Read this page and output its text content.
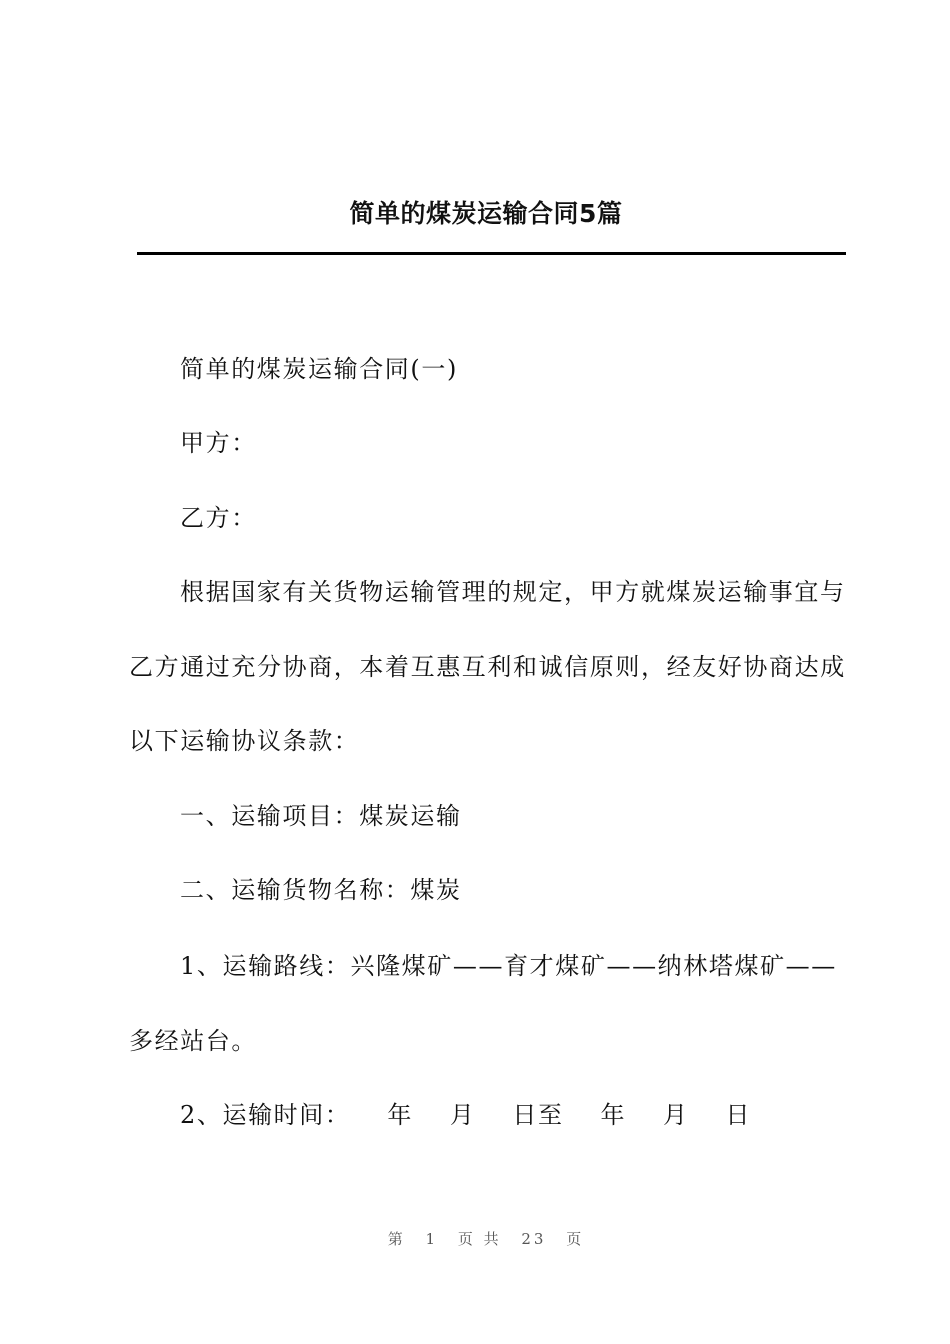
简单的煤炭运输合同5篇
简单的煤炭运输合同(一)
甲方：
乙方：
根据国家有关货物运输管理的规定，甲方就煤炭运输事宜与
乙方通过充分协商，本着互惠互利和诚信原则，经友好协商达成
以下运输协议条款：
一、运输项目：煤炭运输
二、运输货物名称：煤炭
1、运输路线：兴隆煤矿——育才煤矿——纳林塔煤矿——
多经站台。
2、运输时间：    年    月    日至    年    月    日
第 1 页 共 23 页
